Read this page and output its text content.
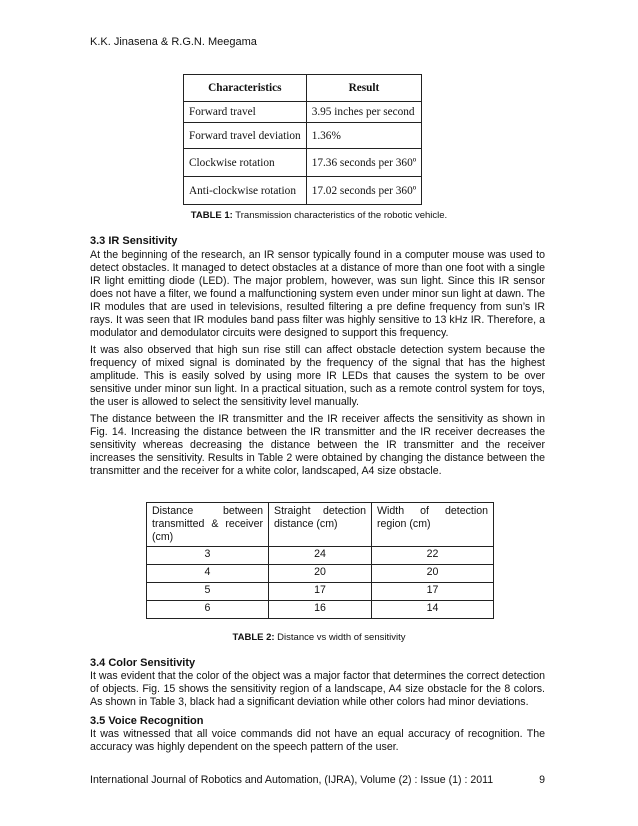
K.K. Jinasena & R.G.N. Meegama
Characteristics	Result
Forward travel	3.95 inches per second
Forward travel deviation	1.36%
Clockwise rotation	17.36 seconds per 360º
Anti-clockwise rotation	17.02 seconds per 360º
TABLE 1: Transmission characteristics of the robotic vehicle.
3.3 IR Sensitivity
At the beginning of the research, an IR sensor typically found in a computer mouse was used to detect obstacles. It managed to detect obstacles at a distance of more than one foot with a single IR light emitting diode (LED). The major problem, however, was sun light. Since this IR sensor does not have a filter, we found a malfunctioning system even under minor sun light at dawn. The IR modules that are used in televisions, resulted filtering a pre define frequency from sun’s IR rays. It was seen that IR modules band pass filter was highly sensitive to 13 kHz IR. Therefore, a modulator and demodulator circuits were designed to support this frequency.
It was also observed that high sun rise still can affect obstacle detection system because the frequency of mixed signal is dominated by the frequency of the signal that has the highest amplitude. This is easily solved by using more IR LEDs that causes the system to be over sensitive under minor sun light. In a practical situation, such as a remote control system for toys, the user is allowed to select the sensitivity level manually.
The distance between the IR transmitter and the IR receiver affects the sensitivity as shown in Fig. 14. Increasing the distance between the IR transmitter and the IR receiver decreases the sensitivity whereas decreasing the distance between the IR transmitter and the receiver increases the sensitivity. Results in Table 2 were obtained by changing the distance between the transmitter and the receiver for a white color, landscaped, A4 size obstacle.
Distance between transmitted & receiver (cm)	Straight detection distance (cm)	Width of detection region (cm)
3	24	22
4	20	20
5	17	17
6	16	14
TABLE 2: Distance vs width of sensitivity
3.4 Color Sensitivity
It was evident that the color of the object was a major factor that determines the correct detection of objects. Fig. 15 shows the sensitivity region of a landscape, A4 size obstacle for the 8 colors. As shown in Table 3, black had a significant deviation while other colors had minor deviations.
3.5 Voice Recognition
It was witnessed that all voice commands did not have an equal accuracy of recognition. The accuracy was highly dependent on the speech pattern of the user.
International Journal of Robotics and Automation, (IJRA), Volume (2) : Issue (1) : 2011	9
